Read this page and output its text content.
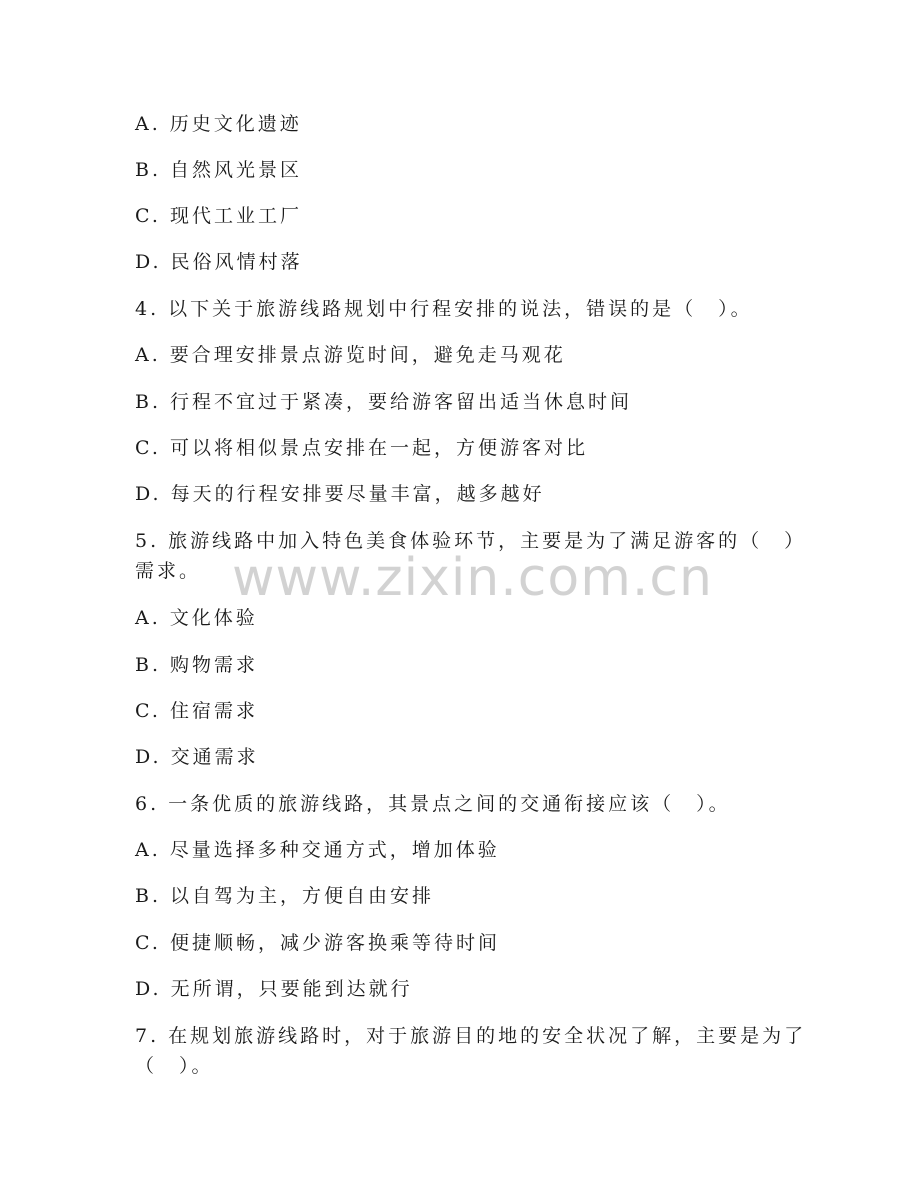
A. 历史文化遗迹
B. 自然风光景区
C. 现代工业工厂
D. 民俗风情村落
4. 以下关于旅游线路规划中行程安排的说法，错误的是（　）。
A. 要合理安排景点游览时间，避免走马观花
B. 行程不宜过于紧凑，要给游客留出适当休息时间
C. 可以将相似景点安排在一起，方便游客对比
D. 每天的行程安排要尽量丰富，越多越好
5. 旅游线路中加入特色美食体验环节，主要是为了满足游客的（　）
需求。
A. 文化体验
B. 购物需求
C. 住宿需求
D. 交通需求
6. 一条优质的旅游线路，其景点之间的交通衔接应该（　）。
A. 尽量选择多种交通方式，增加体验
B. 以自驾为主，方便自由安排
C. 便捷顺畅，减少游客换乘等待时间
D. 无所谓，只要能到达就行
7. 在规划旅游线路时，对于旅游目的地的安全状况了解，主要是为了
（　）。
www.zixin.com.cn
